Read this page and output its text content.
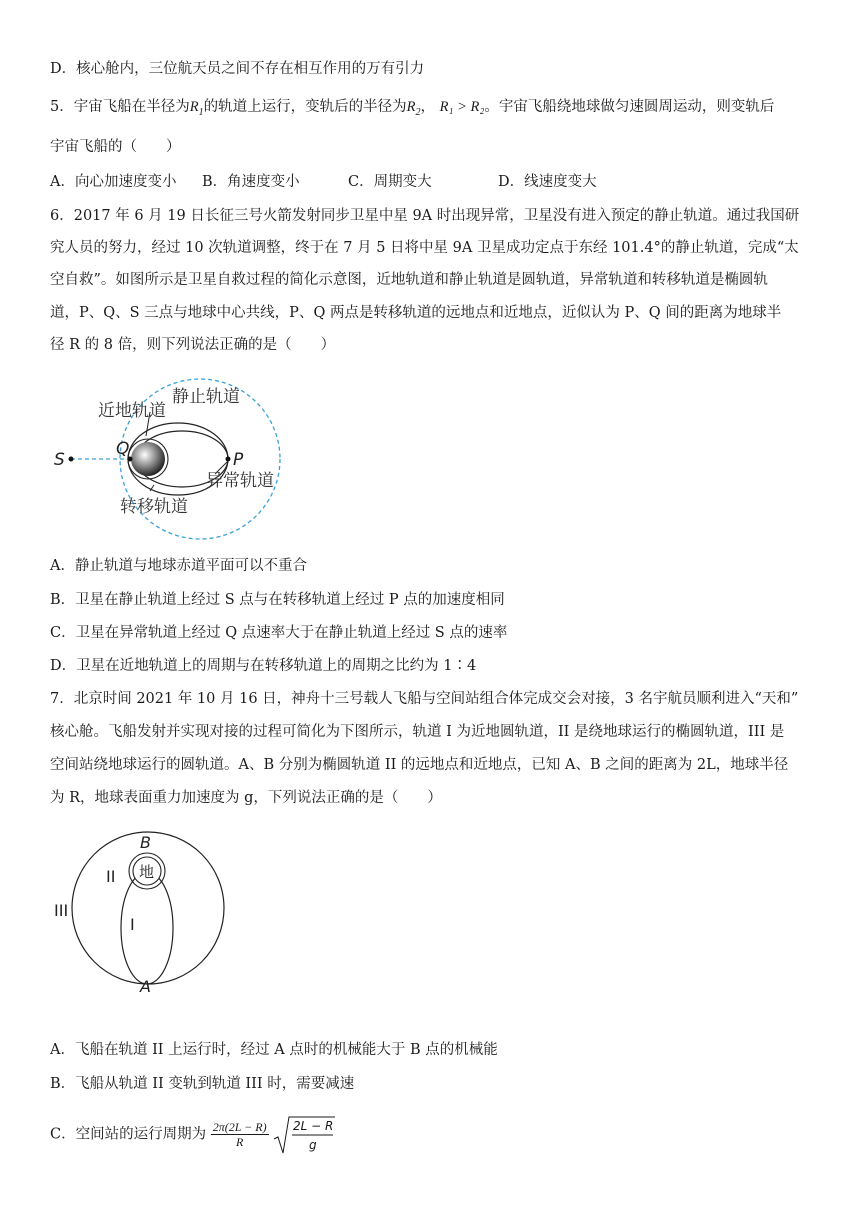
D．核心舱内，三位航天员之间不存在相互作用的万有引力
5．宇宙飞船在半径为$R_1$的轨道上运行，变轨后的半径为$R_2$， R₁ > R₂。宇宙飞船绕地球做匀速圆周运动，则变轨后
宇宙飞船的（　　）
A．向心加速度变小 B．角速度变小	C．周期变大	D．线速度变大
6．2017 年 6 月 19 日长征三号火箭发射同步卫星中星 9A 时出现异常，卫星没有进入预定的静止轨道。通过我国研
究人员的努力，经过 10 次轨道调整，终于在 7 月 5 日将中星 9A 卫星成功定点于东经 101.4°的静止轨道，完成“太
空自救”。如图所示是卫星自救过程的简化示意图，近地轨道和静止轨道是圆轨道，异常轨道和转移轨道是椭圆轨
道，P、Q、S 三点与地球中心共线，P、Q 两点是转移轨道的远地点和近地点，近似认为 P、Q 间的距离为地球半
径 R 的 8 倍，则下列说法正确的是（　　）
静止轨道
近地轨道
异常轨道
转移轨道
S
Q
P
A．静止轨道与地球赤道平面可以不重合
B．卫星在静止轨道上经过 S 点与在转移轨道上经过 P 点的加速度相同
C．卫星在异常轨道上经过 Q 点速率大于在静止轨道上经过 S 点的速率
D．卫星在近地轨道上的周期与在转移轨道上的周期之比约为 1∶4
7．北京时间 2021 年 10 月 16 日，神舟十三号载人飞船与空间站组合体完成交会对接，3 名宇航员顺利进入“天和”
核心舱。飞船发射并实现对接的过程可简化为下图所示，轨道 I 为近地圆轨道，II 是绕地球运行的椭圆轨道，III 是
空间站绕地球运行的圆轨道。A、B 分别为椭圆轨道 II 的远地点和近地点，已知 A、B 之间的距离为 2L，地球半径
为 R，地球表面重力加速度为 g，下列说法正确的是（　　）
地
B
A
I
II
III
A．飞船在轨道 II 上运行时，经过 A 点时的机械能大于 B 点的机械能
B．飞船从轨道 II 变轨到轨道 III 时，需要减速
C．空间站的运行周期为 $\frac{2\pi(2L - R)}{R}$
2L − R
g
